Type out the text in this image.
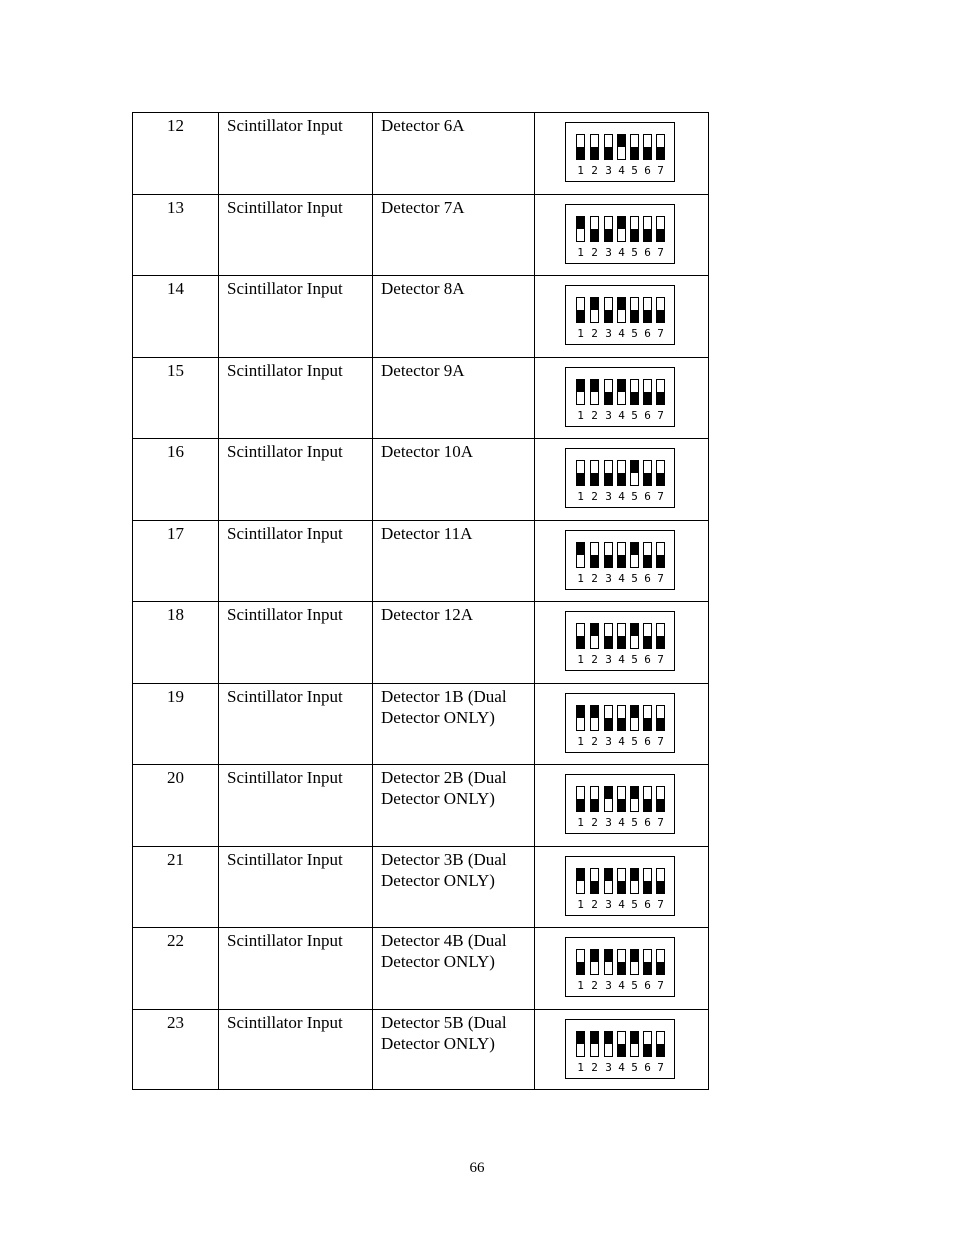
12	Scintillator Input	Detector 6A
1 2 3 4 5 6 7
13	Scintillator Input	Detector 7A
1 2 3 4 5 6 7
14	Scintillator Input	Detector 8A
1 2 3 4 5 6 7
15	Scintillator Input	Detector 9A
1 2 3 4 5 6 7
16	Scintillator Input	Detector 10A
1 2 3 4 5 6 7
17	Scintillator Input	Detector 11A
1 2 3 4 5 6 7
18	Scintillator Input	Detector 12A
1 2 3 4 5 6 7
19	Scintillator Input	Detector 1B (Dual
Detector ONLY)
1 2 3 4 5 6 7
20	Scintillator Input	Detector 2B (Dual
Detector ONLY)
1 2 3 4 5 6 7
21	Scintillator Input	Detector 3B (Dual
Detector ONLY)
1 2 3 4 5 6 7
22	Scintillator Input	Detector 4B (Dual
Detector ONLY)
1 2 3 4 5 6 7
23	Scintillator Input	Detector 5B (Dual
Detector ONLY)
1 2 3 4 5 6 7
66
